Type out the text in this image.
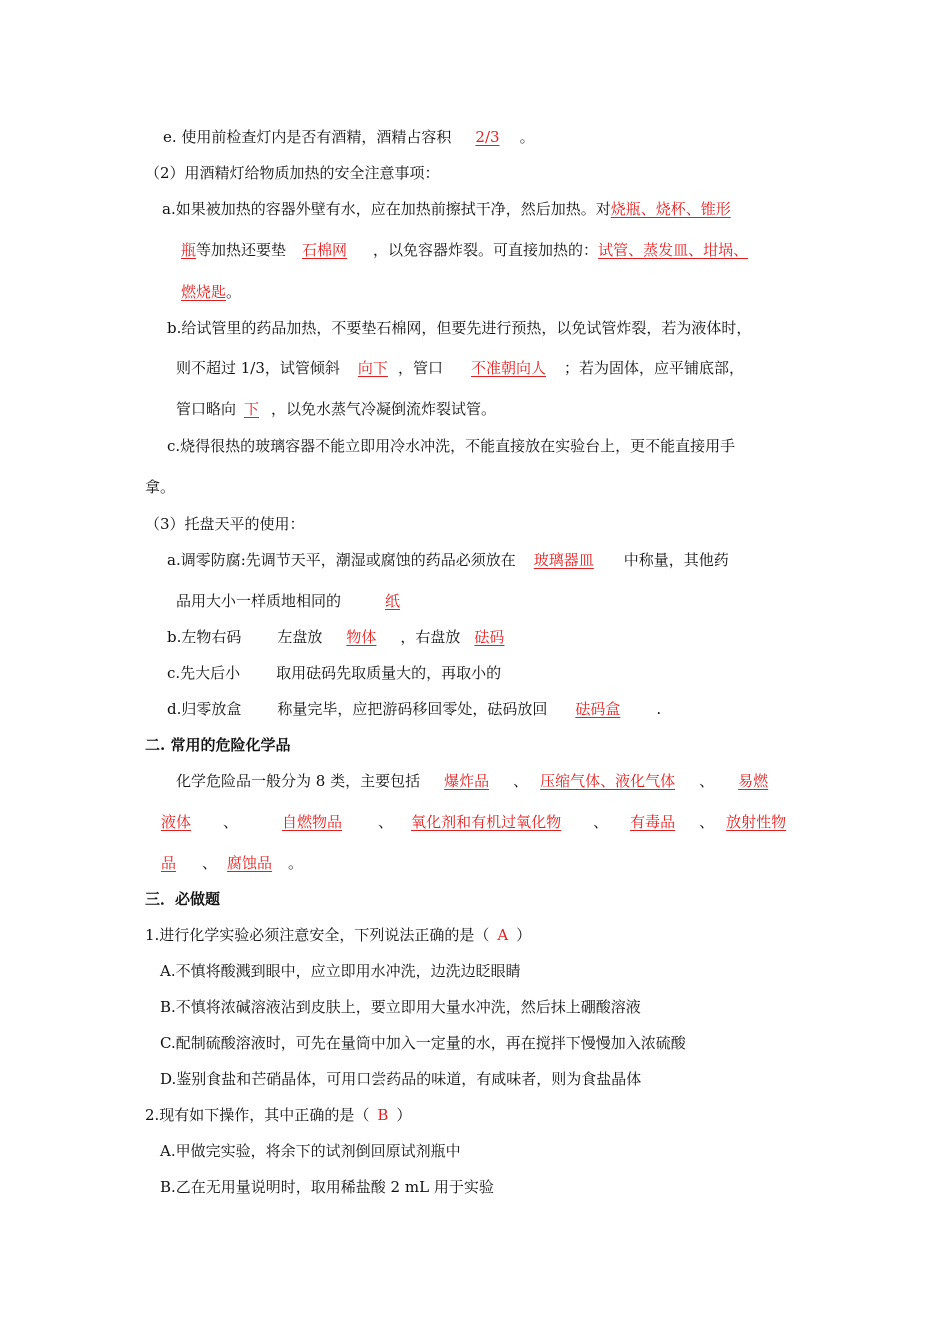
e. 使用前检查灯内是否有酒精，酒精占容积 2/3 。
（2）用酒精灯给物质加热的安全注意事项：
a.如果被加热的容器外壁有水，应在加热前擦拭干净，然后加热。对烧瓶、烧杯、锥形
瓶等加热还要垫 石棉网 ，以免容器炸裂。可直接加热的：试管、蒸发皿、坩埚、
燃烧匙。
b.给试管里的药品加热，不要垫石棉网，但要先进行预热，以免试管炸裂，若为液体时，
则不超过 1/3，试管倾斜 向下 ，管口 不准朝向人 ；若为固体，应平铺底部，
管口略向 下 ，以免水蒸气冷凝倒流炸裂试管。
c.烧得很热的玻璃容器不能立即用冷水冲洗，不能直接放在实验台上，更不能直接用手
拿。
（3）托盘天平的使用：
a.调零防腐:先调节天平，潮湿或腐蚀的药品必须放在 玻璃器皿 中称量，其他药
品用大小一样质地相同的	纸
b.左物右码 左盘放 物体 ，右盘放 砝码
c.先大后小 取用砝码先取质量大的，再取小的
d.归零放盒 称量完毕，应把游码移回零处，砝码放回 砝码盒 .
二. 常用的危险化学品
化学危险品一般分为 8 类，主要包括 爆炸品 、 压缩气体、液化气体 、 易燃
液体 、	自燃物品 、 氧化剂和有机过氧化物 、 有毒品 、 放射性物
品 、 腐蚀品 。
三．必做题
1.进行化学实验必须注意安全，下列说法正确的是（ A ）
A.不慎将酸溅到眼中，应立即用水冲洗，边洗边眨眼睛
B.不慎将浓碱溶液沾到皮肤上，要立即用大量水冲洗，然后抹上硼酸溶液
C.配制硫酸溶液时，可先在量筒中加入一定量的水，再在搅拌下慢慢加入浓硫酸
D.鉴别食盐和芒硝晶体，可用口尝药品的味道，有咸味者，则为食盐晶体
2.现有如下操作，其中正确的是（ B ）
A.甲做完实验，将余下的试剂倒回原试剂瓶中
B.乙在无用量说明时，取用稀盐酸 2 mL 用于实验
